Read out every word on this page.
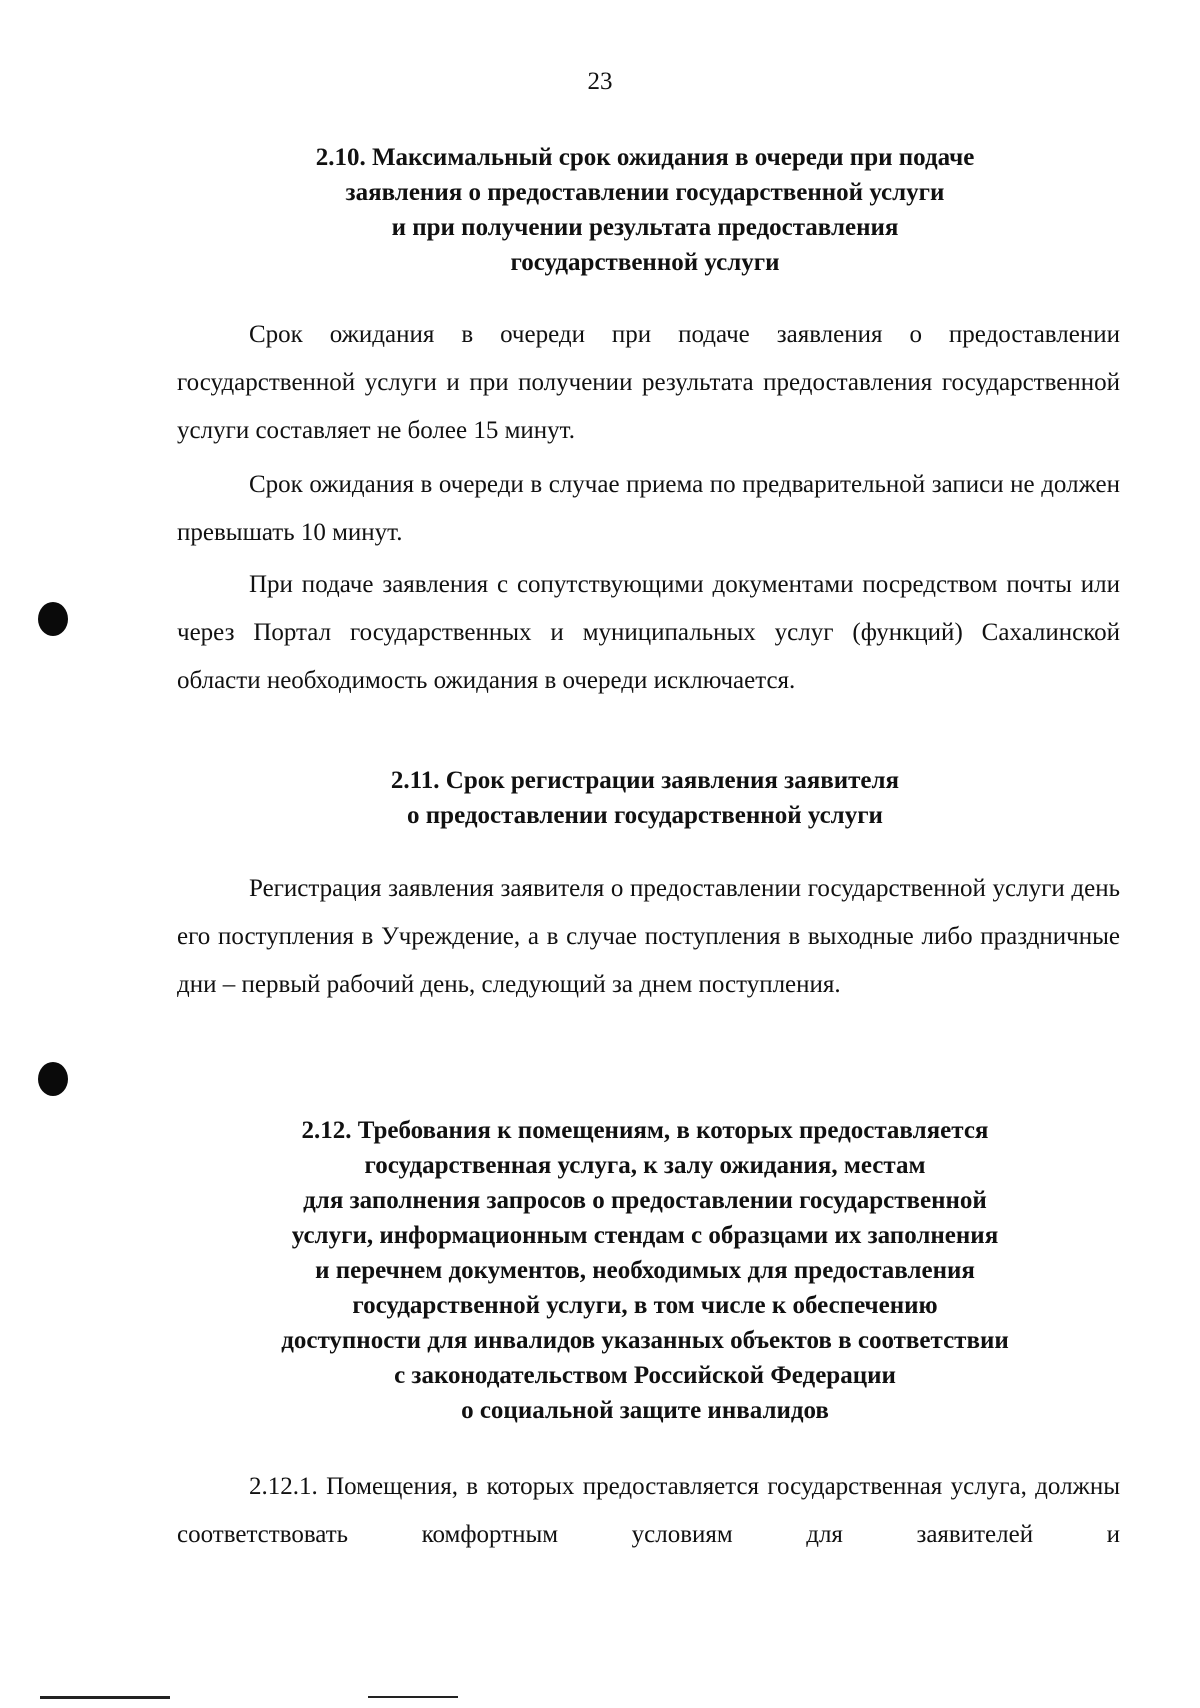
23
2.10. Максимальный срок ожидания в очереди при подаче
заявления о предоставлении государственной услуги
и при получении результата предоставления
государственной услуги

Срок ожидания в очереди при подаче заявления о предоставлении государственной услуги и при получении результата предоставления государственной услуги составляет не более 15 минут.

Срок ожидания в очереди в случае приема по предварительной записи не должен превышать 10 минут.

При подаче заявления с сопутствующими документами посредством почты или через Портал государственных и муниципальных услуг (функций) Сахалинской области необходимость ожидания в очереди исключается.

2.11. Срок регистрации заявления заявителя
о предоставлении государственной услуги

Регистрация заявления заявителя о предоставлении государственной услуги день его поступления в Учреждение, а в случае поступления в выходные либо праздничные дни – первый рабочий день, следующий за днем поступления.

2.12. Требования к помещениям, в которых предоставляется
государственная услуга, к залу ожидания, местам
для заполнения запросов о предоставлении государственной
услуги, информационным стендам с образцами их заполнения
и перечнем документов, необходимых для предоставления
государственной услуги, в том числе к обеспечению
доступности для инвалидов указанных объектов в соответствии
с законодательством Российской Федерации
о социальной защите инвалидов

2.12.1. Помещения, в которых предоставляется государственная услуга, должны соответствовать комфортным условиям для заявителей и
